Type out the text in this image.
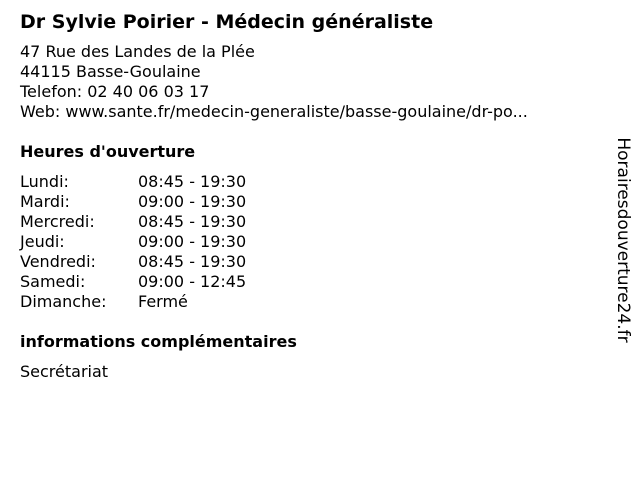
Dr Sylvie Poirier - Médecin généraliste
47 Rue des Landes de la Plée
44115 Basse-Goulaine
Telefon: 02 40 06 03 17
Web: www.sante.fr/medecin-generaliste/basse-goulaine/dr-po...
Heures d'ouverture
Lundi:	08:45 - 19:30
Mardi:	09:00 - 19:30
Mercredi:	08:45 - 19:30
Jeudi:	09:00 - 19:30
Vendredi:	08:45 - 19:30
Samedi:	09:00 - 12:45
Dimanche: Fermé
informations complémentaires
Secrétariat
Horairesdouverture24.fr
